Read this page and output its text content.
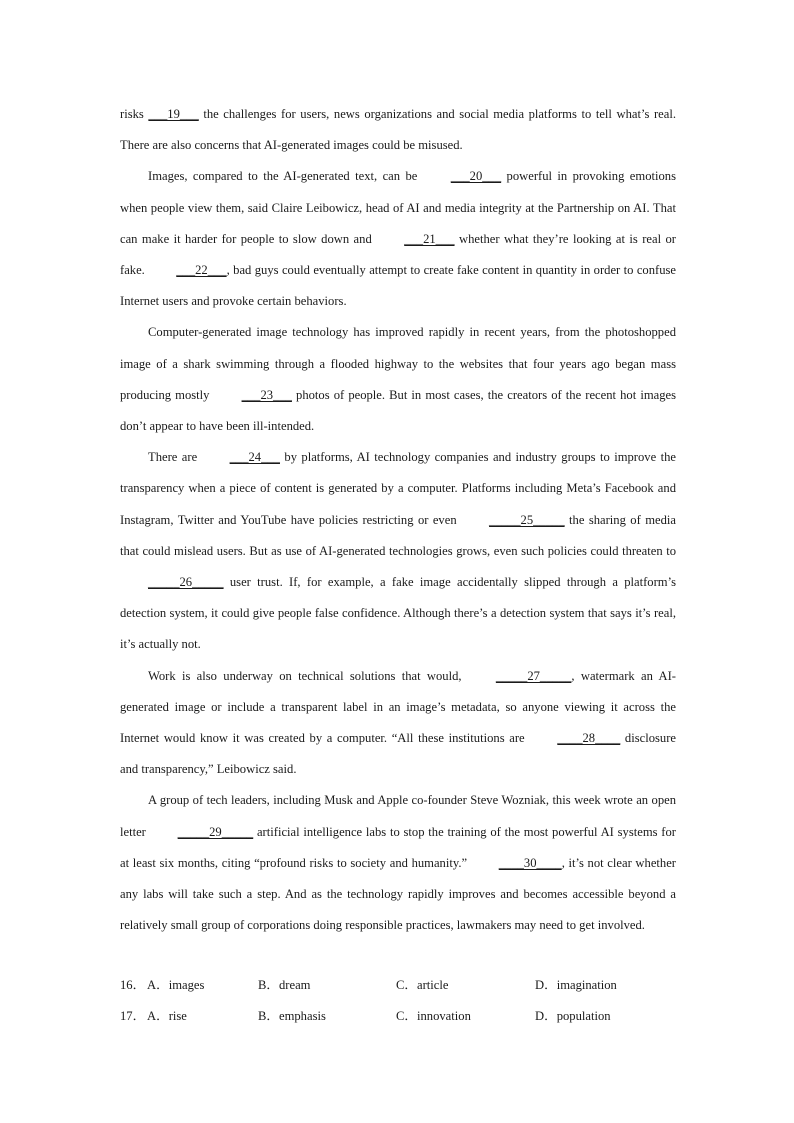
risks ___19___ the challenges for users, news organizations and social media platforms to tell what’s real. There are also concerns that AI-generated images could be misused.

Images, compared to the AI-generated text, can be ___20___ powerful in provoking emotions when people view them, said Claire Leibowicz, head of AI and media integrity at the Partnership on AI. That can make it harder for people to slow down and ___21___ whether what they’re looking at is real or fake. ___22___, bad guys could eventually attempt to create fake content in quantity in order to confuse Internet users and provoke certain behaviors.

Computer-generated image technology has improved rapidly in recent years, from the photoshopped image of a shark swimming through a flooded highway to the websites that four years ago began mass producing mostly ___23___ photos of people. But in most cases, the creators of the recent hot images don’t appear to have been ill-intended.

There are ___24___ by platforms, AI technology companies and industry groups to improve the transparency when a piece of content is generated by a computer. Platforms including Meta’s Facebook and Instagram, Twitter and YouTube have policies restricting or even _____25_____ the sharing of media that could mislead users. But as use of AI-generated technologies grows, even such policies could threaten to _____26_____ user trust. If, for example, a fake image accidentally slipped through a platform’s detection system, it could give people false confidence. Although there’s a detection system that says it’s real, it’s actually not.

Work is also underway on technical solutions that would, _____27_____, watermark an AI-generated image or include a transparent label in an image’s metadata, so anyone viewing it across the Internet would know it was created by a computer. “All these institutions are ____28____ disclosure and transparency,” Leibowicz said.

A group of tech leaders, including Musk and Apple co-founder Steve Wozniak, this week wrote an open letter _____29_____ artificial intelligence labs to stop the training of the most powerful AI systems for at least six months, citing “profound risks to society and humanity.” ____30____, it’s not clear whether any labs will take such a step. And as the technology rapidly improves and becomes accessible beyond a relatively small group of corporations doing responsible practices, lawmakers may need to get involved.

16． A．images	B．dream	C．article	D．imagination
17． A．rise	B．emphasis	C．innovation	D．population
